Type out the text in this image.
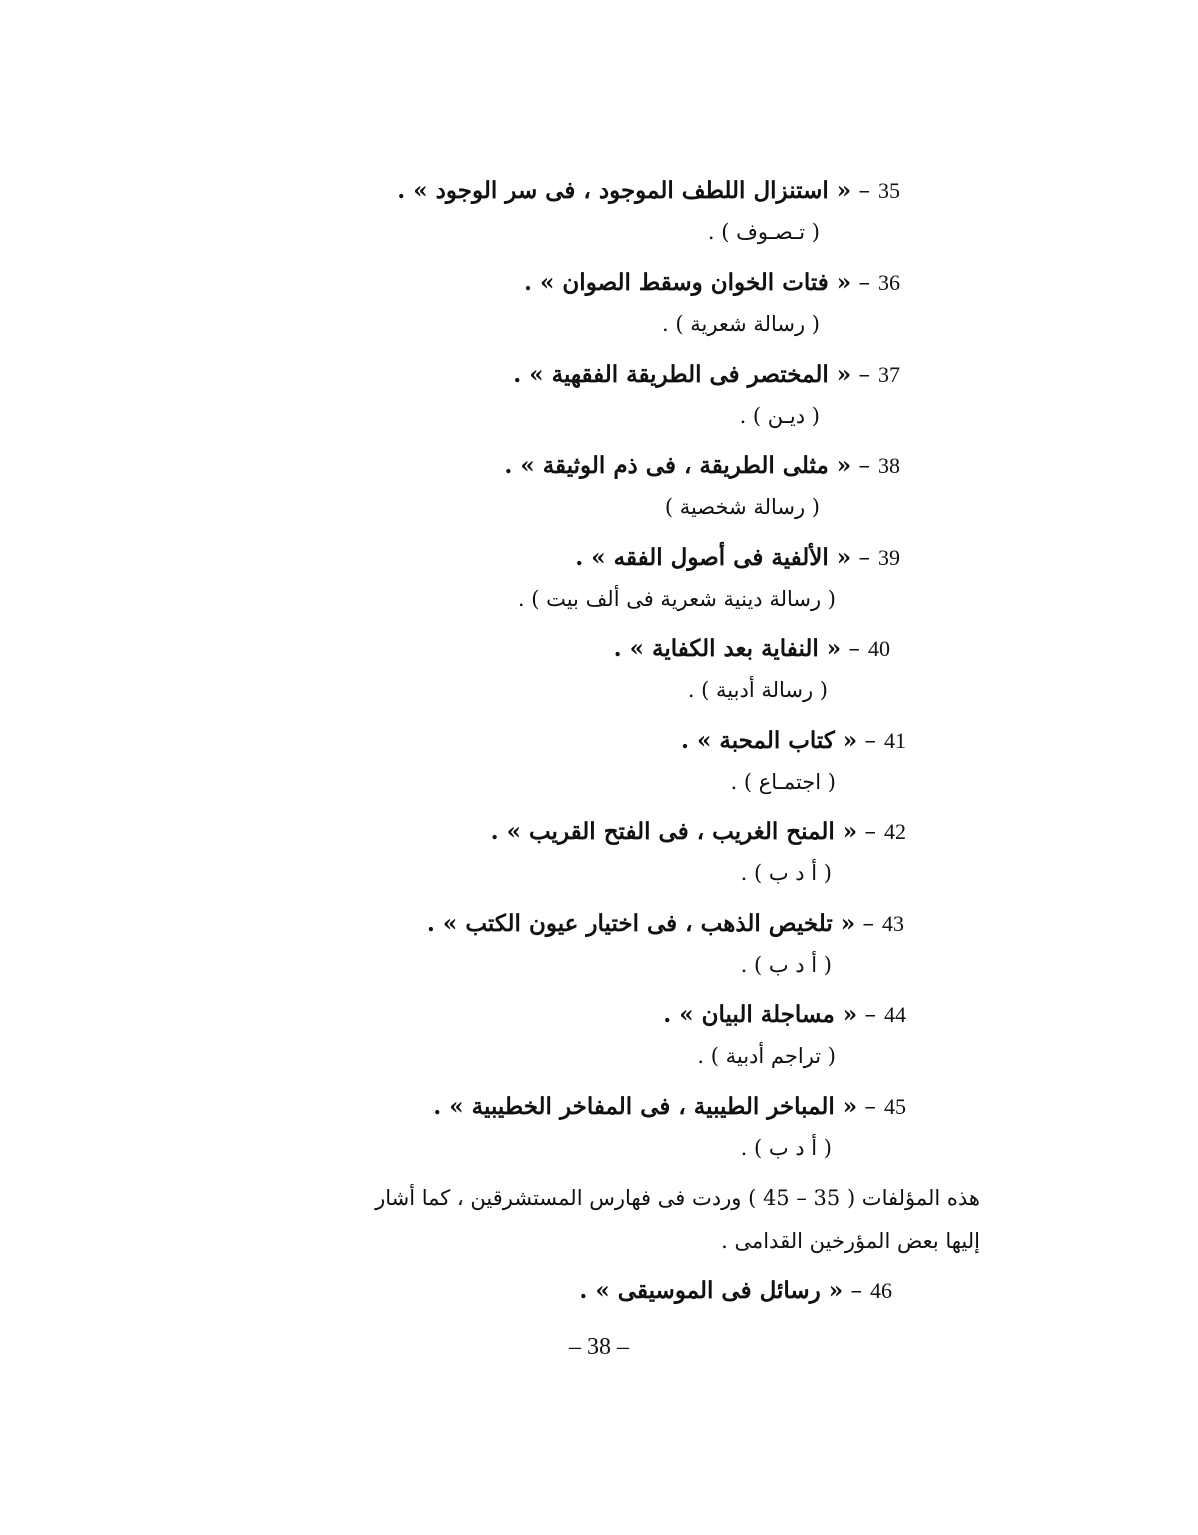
35 – « استنزال اللطف الموجود ، فى سر الوجود » .
( تـصـوف ) .
36 – « فتات الخوان وسقط الصوان » .
( رسالة شعرية ) .
37 – « المختصر فى الطريقة الفقهية » .
( ديـن ) .
38 – « مثلى الطريقة ، فى ذم الوثيقة » .
( رسالة شخصية )
39 – « الألفية فى أصول الفقه » .
( رسالة دينية شعرية فى ألف بيت ) .
40 – « النفاية بعد الكفاية » .
( رسالة أدبية ) .
41 – « كتاب المحبة » .
( اجتمـاع ) .
42 – « المنح الغريب ، فى الفتح القريب » .
( أ د ب ) .
43 – « تلخيص الذهب ، فى اختيار عيون الكتب » .
( أ د ب ) .
44 – « مساجلة البيان » .
( تراجم أدبية ) .
45 – « المباخر الطيبية ، فى المفاخر الخطيبية » .
( أ د ب ) .
هذه المؤلفات ( 35 – 45 ) وردت فى فهارس المستشرقين ، كما أشار
إليها بعض المؤرخين القدامى .
46 – « رسائل فى الموسيقى » .
– 38 –
